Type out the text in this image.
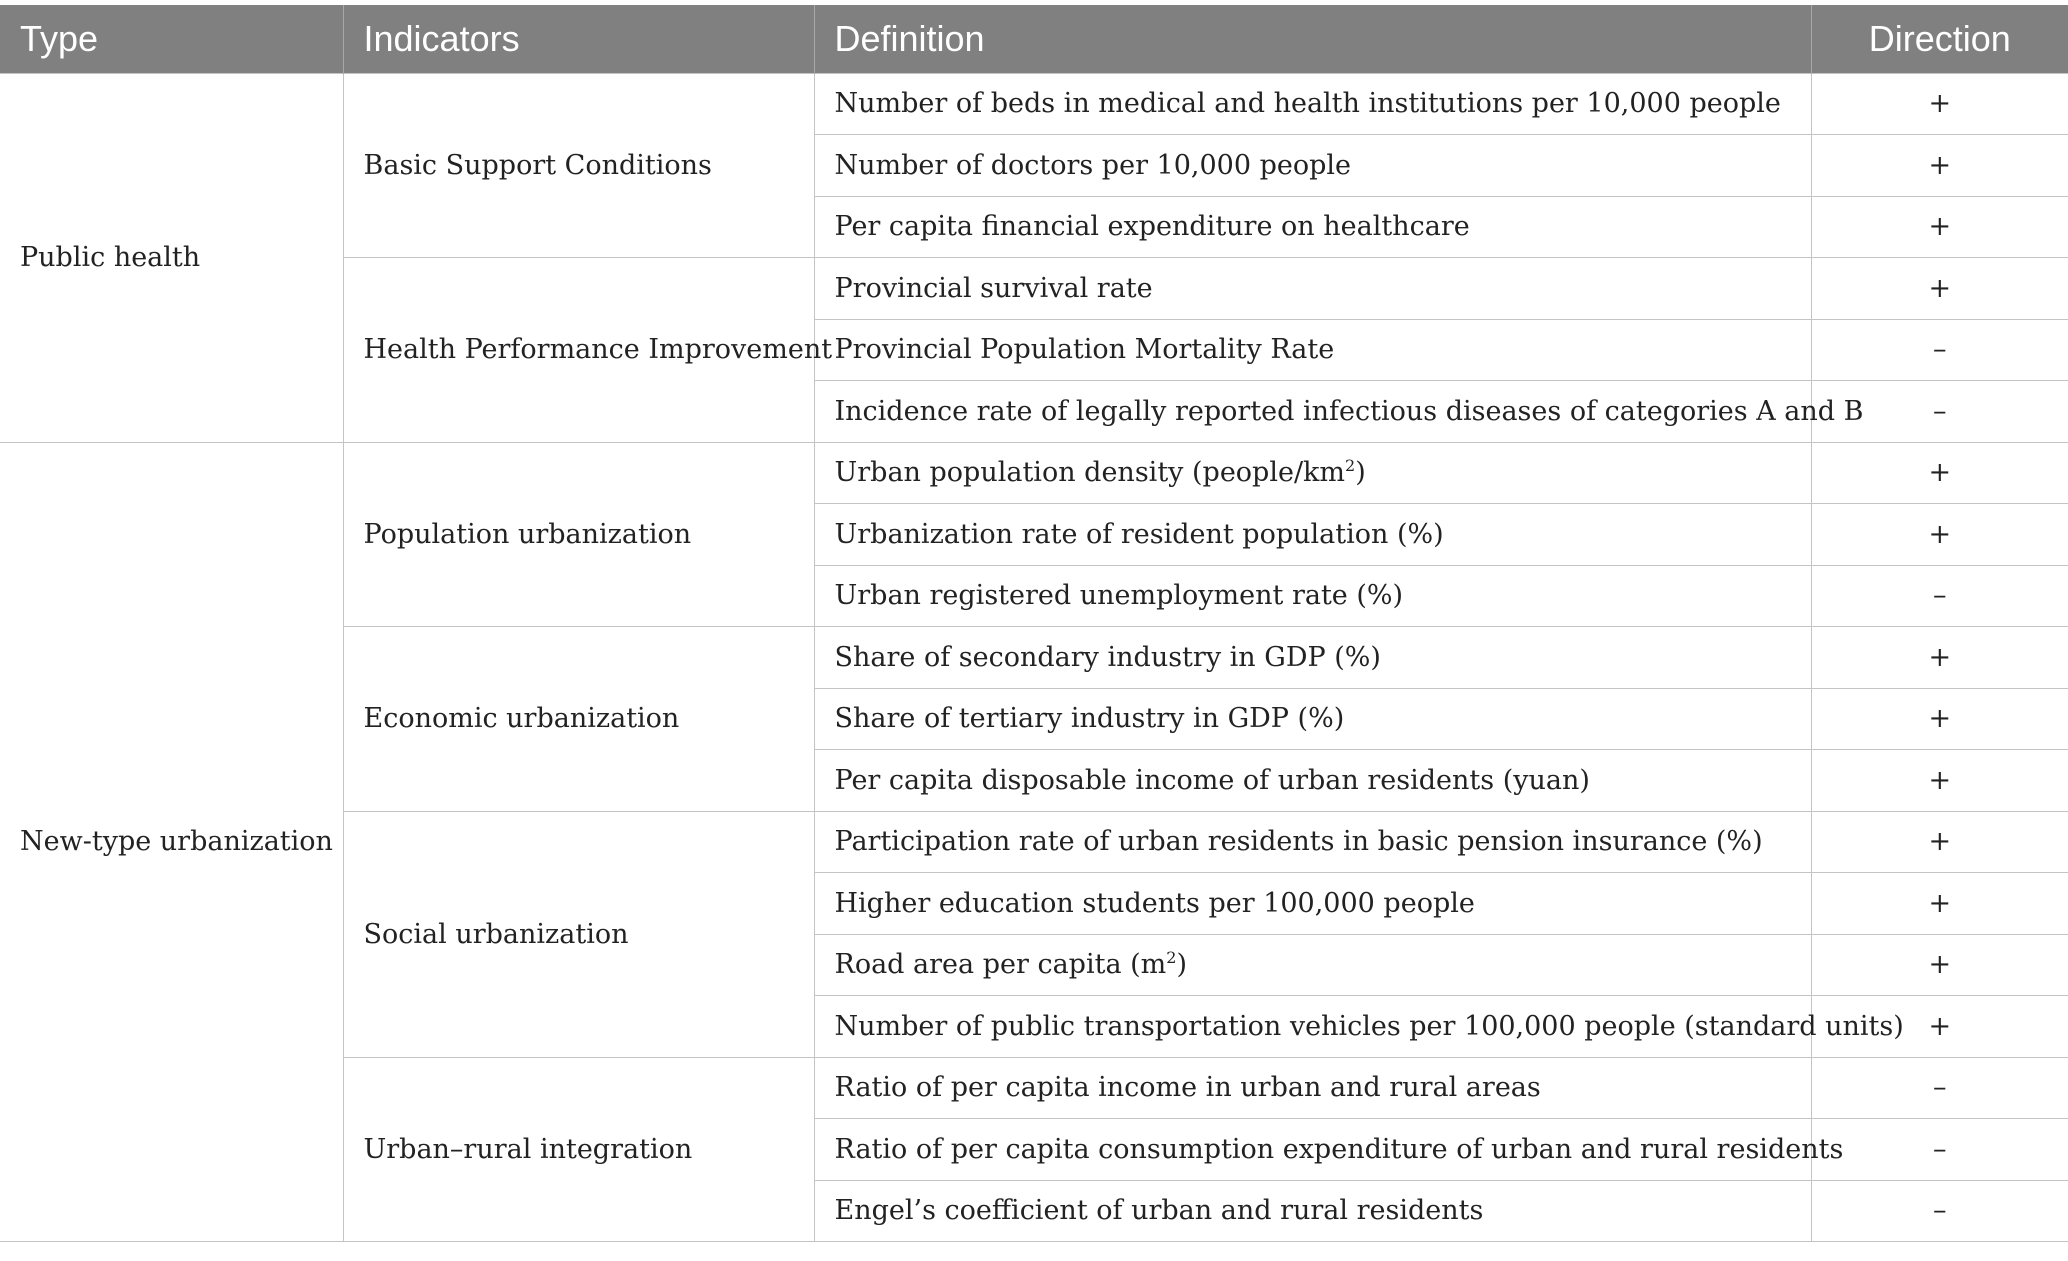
Type	Indicators	Definition	Direction
Public health	Basic Support Conditions	Number of beds in medical and health institutions per 10,000 people	+
		Number of doctors per 10,000 people	+
		Per capita financial expenditure on healthcare	+
	Health Performance Improvement	Provincial survival rate	+
		Provincial Population Mortality Rate	–
		Incidence rate of legally reported infectious diseases of categories A and B	–
New-type urbanization	Population urbanization	Urban population density $(people/km^2)$	+
		Urbanization rate of resident population (%)	+
		Urban registered unemployment rate (%)	–
	Economic urbanization	Share of secondary industry in GDP (%)	+
		Share of tertiary industry in GDP (%)	+
		Per capita disposable income of urban residents (yuan)	+
	Social urbanization	Participation rate of urban residents in basic pension insurance (%)	+
		Higher education students per 100,000 people	+
		Road area per capita $(m^2)$	+
		Number of public transportation vehicles per 100,000 people (standard units)	+
	Urban–rural integration	Ratio of per capita income in urban and rural areas	–
		Ratio of per capita consumption expenditure of urban and rural residents	–
		Engel’s coefficient of urban and rural residents	–
